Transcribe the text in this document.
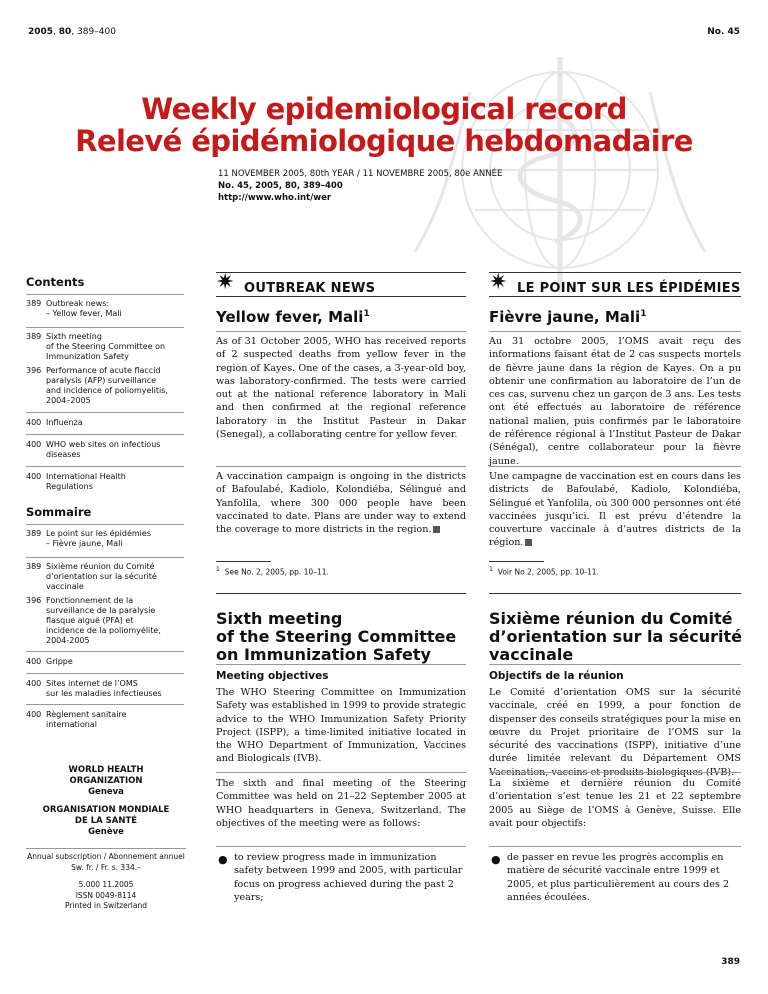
2005, 80, 389–400	No. 45
Weekly epidemiological record
Relevé épidémiologique hebdomadaire
11 NOVEMBER 2005, 80th YEAR / 11 NOVEMBRE 2005, 80e ANNÉE
No. 45, 2005, 80, 389–400
http://www.who.int/wer
Contents
389 Outbreak news:
– Yellow fever, Mali
389 Sixth meeting
of the Steering Committee on
Immunization Safety
396 Performance of acute flaccid
paralysis (AFP) surveillance
and incidence of poliomyelitis,
2004–2005
400 Influenza
400 WHO web sites on infectious
diseases
400 International Health
Regulations
Sommaire
389 Le point sur les épidémies
– Fièvre jaune, Mali
389 Sixième réunion du Comité
d’orientation sur la sécurité
vaccinale
396 Fonctionnement de la
surveillance de la paralysie
flasque aiguë (PFA) et
incidence de la poliomyélite,
2004-2005
400 Grippe
400 Sites internet de l’OMS
sur les maladies infectieuses
400 Règlement sanitaire
international
WORLD HEALTH
ORGANIZATION
Geneva
ORGANISATION MONDIALE
DE LA SANTÉ
Genève
Annual subscription / Abonnement annuel
Sw. fr. / Fr. s. 334.–
5.000 11.2005
ISSN 0049-8114
Printed in Switzerland
✷ OUTBREAK NEWS	✷ LE POINT SUR LES ÉPIDÉMIES
Yellow fever, Mali$^1$	Fièvre jaune, Mali$^1$
As of 31 October 2005, WHO has received reports of 2 suspected deaths from yellow fever in the region of Kayes. One of the cases, a 3-year-old boy, was laboratory-confirmed. The tests were carried out at the national reference laboratory in Mali and then confirmed at the regional reference laboratory in the Institut Pasteur in Dakar (Senegal), a collaborating centre for yellow fever.
Au 31 octobre 2005, l’OMS avait reçu des informations faisant état de 2 cas suspects mortels de fièvre jaune dans la région de Kayes. On a pu obtenir une confirmation au laboratoire de l’un de ces cas, survenu chez un garçon de 3 ans. Les tests ont été effectués au laboratoire de référence national malien, puis confirmés par le laboratoire de référence régional à l’Institut Pasteur de Dakar (Sénégal), centre collaborateur pour la fièvre jaune.
A vaccination campaign is ongoing in the districts of Bafoulabé, Kadiolo, Kolondiéba, Sélingué and Yanfolila, where 300 000 people have been vaccinated to date. Plans are under way to extend the coverage to more districts in the region.
Une campagne de vaccination est en cours dans les districts de Bafoulabé, Kadiolo, Kolondiéba, Sélingué et Yanfolila, où 300 000 personnes ont été vaccinées jusqu’ici. Il est prévu d’étendre la couverture vaccinale à d’autres districts de la région.
$^1$ See No. 2, 2005, pp. 10–11.	$^1$ Voir No 2, 2005, pp. 10-11.
Sixth meeting
of the Steering Committee
on Immunization Safety
Sixième réunion du Comité
d’orientation sur la sécurité
vaccinale
Meeting objectives	Objectifs de la réunion
The WHO Steering Committee on Immunization Safety was established in 1999 to provide strategic advice to the WHO Immunization Safety Priority Project (ISPP), a time-limited initiative located in the WHO Department of Immunization, Vaccines and Biologicals (IVB).
Le Comité d’orientation OMS sur la sécurité vaccinale, créé en 1999, a pour fonction de dispenser des conseils stratégiques pour la mise en œuvre du Projet prioritaire de l’OMS sur la sécurité des vaccinations (ISPP), initiative d’une durée limitée relevant du Département OMS Vaccination, vaccins et produits biologiques (IVB).
The sixth and final meeting of the Steering Committee was held on 21–22 September 2005 at WHO headquarters in Geneva, Switzerland. The objectives of the meeting were as follows:
La sixième et dernière réunion du Comité d’orientation s’est tenue les 21 et 22 septembre 2005 au Siège de l’OMS à Genève, Suisse. Elle avait pour objectifs:
● to review progress made in immunization safety between 1999 and 2005, with particular focus on progress achieved during the past 2 years;
● de passer en revue les progrès accomplis en matière de sécurité vaccinale entre 1999 et 2005, et plus particulièrement au cours des 2 années écoulées.
389
